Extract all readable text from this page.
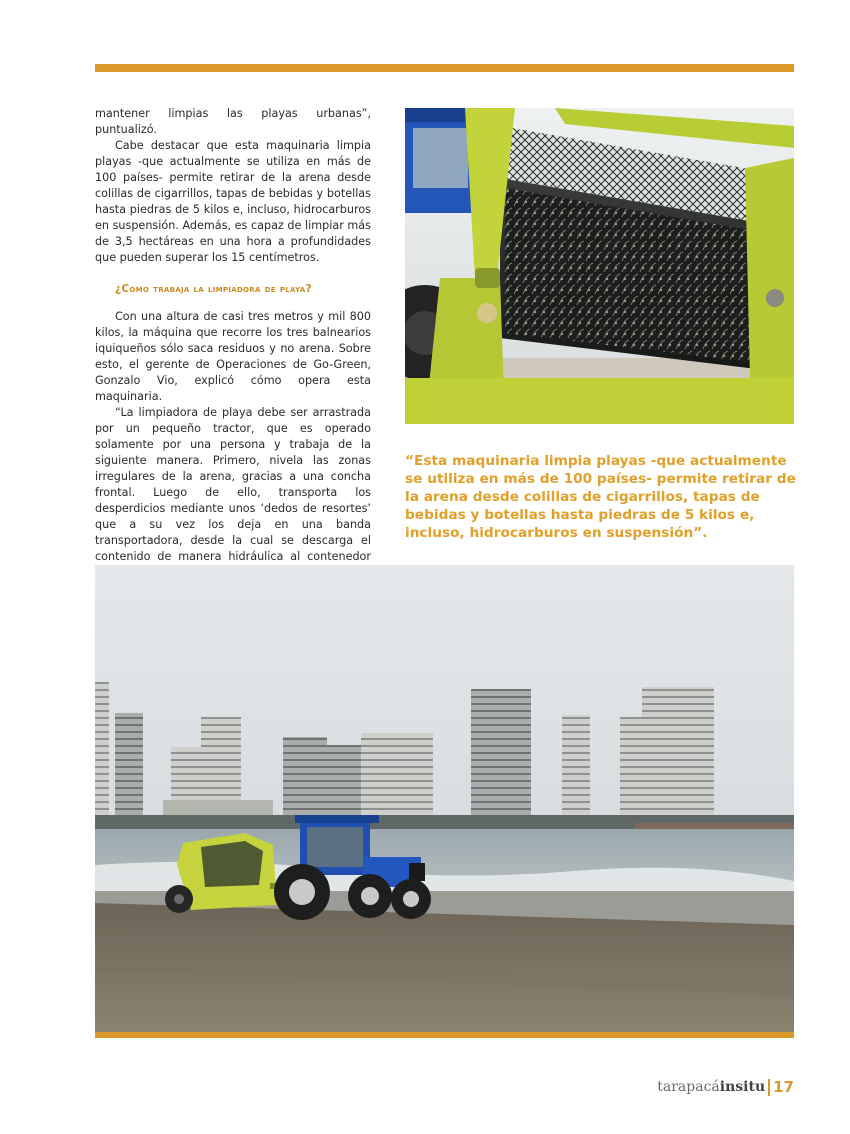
mantener limpias las playas urbanas”, puntualizó.

Cabe destacar que esta maquinaria limpia playas -que actualmente se utiliza en más de 100 países- permite retirar de la arena desde colillas de cigarrillos, tapas de bebidas y botellas hasta piedras de 5 kilos e, incluso, hidrocarburos en suspensión. Además, es capaz de limpiar más de 3,5 hectáreas en una hora a profundidades que pueden superar los 15 centímetros.

¿Cómo trabaja la limpiadora de playa?

Con una altura de casi tres metros y mil 800 kilos, la máquina que recorre los tres balnearios iquiqueños sólo saca residuos y no arena. Sobre esto, el gerente de Operaciones de Go-Green, Gonzalo Vio, explicó cómo opera esta maquinaria.

“La limpiadora de playa debe ser arrastrada por un pequeño tractor, que es operado solamente por una persona y trabaja de la siguiente manera. Primero, nivela las zonas irregulares de la arena, gracias a una concha frontal. Luego de ello, transporta los desperdicios mediante unos ‘dedos de resortes’ que a su vez los deja en una banda transportadora, desde la cual se descarga el contenido de manera hidráulica al contenedor

“Esta maquinaria limpia playas -que actualmente se utiliza en más de 100 países- permite retirar de la arena desde colillas de cigarrillos, tapas de bebidas y botellas hasta piedras de 5 kilos e, incluso, hidrocarburos en suspensión”.
tarapacá insitu 17
